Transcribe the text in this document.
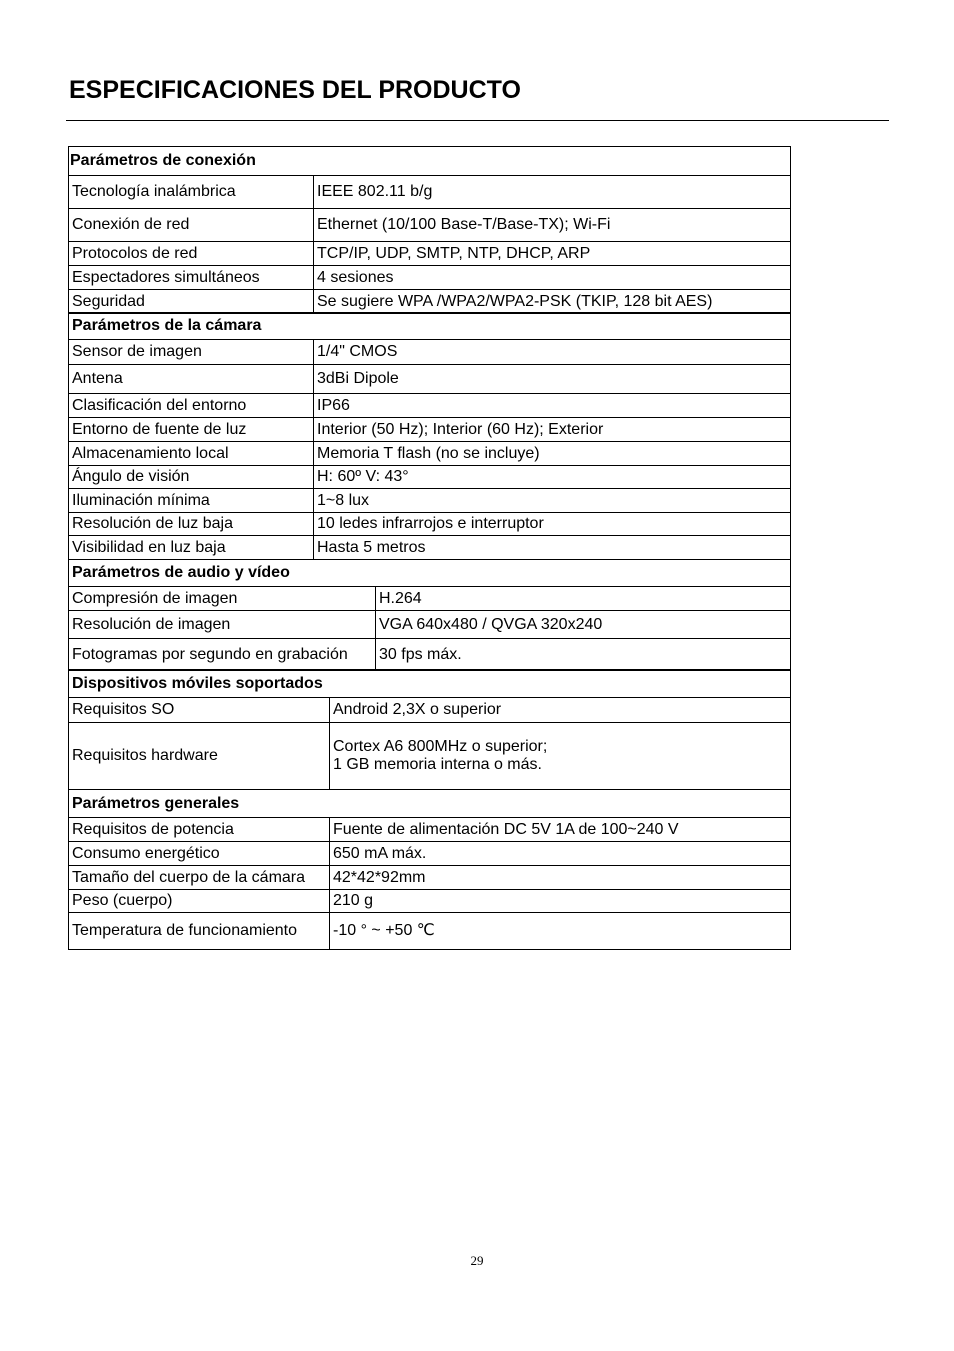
ESPECIFICACIONES DEL PRODUCTO
Parámetros de conexión	
Tecnología inalámbrica	IEEE 802.11 b/g
Conexión de red	Ethernet (10/100 Base-T/Base-TX); Wi-Fi
Protocolos de red	TCP/IP, UDP, SMTP, NTP, DHCP, ARP
Espectadores simultáneos	4 sesiones
Seguridad	Se sugiere WPA /WPA2/WPA2-PSK (TKIP, 128 bit AES)
Parámetros de la cámara	
Sensor de imagen	1/4" CMOS
Antena	3dBi Dipole
Clasificación del entorno	IP66
Entorno de fuente de luz	Interior (50 Hz); Interior (60 Hz); Exterior
Almacenamiento local	Memoria T flash (no se incluye)
Ángulo de visión	H: 60º V: 43°
Iluminación mínima	1~8 lux
Resolución de luz baja	10 ledes infrarrojos e interruptor
Visibilidad en luz baja	Hasta 5 metros
Parámetros de audio y vídeo	
Compresión de imagen	H.264
Resolución de imagen	VGA 640x480 / QVGA 320x240
Fotogramas por segundo en grabación	30 fps máx.
Dispositivos móviles soportados	
Requisitos SO	Android 2,3X o superior
Requisitos hardware	Cortex A6 800MHz o superior;
1 GB memoria interna o más.
Parámetros generales	
Requisitos de potencia	Fuente de alimentación DC 5V 1A de 100~240 V
Consumo energético	650 mA máx.
Tamaño del cuerpo de la cámara	42*42*92mm
Peso (cuerpo)	210 g
Temperatura de funcionamiento	-10 ° ~ +50 ℃
29
